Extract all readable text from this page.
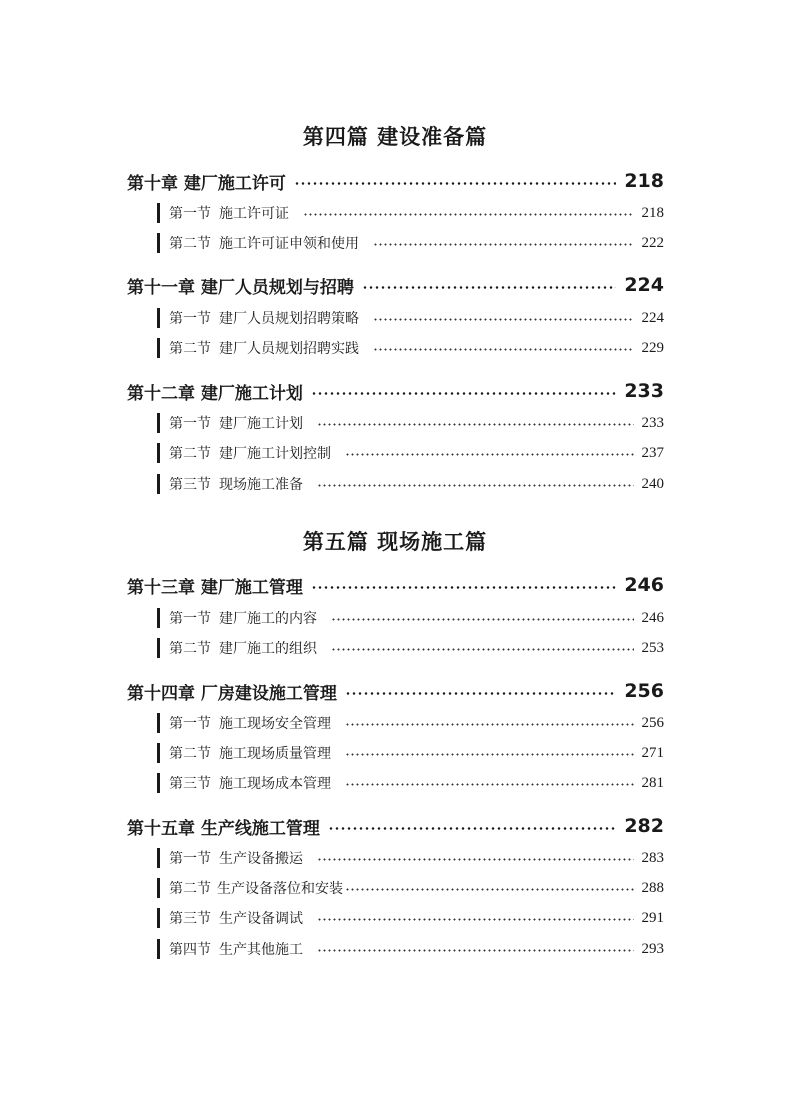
第四篇 建设准备篇
第十章 建厂施工许可	218
第一节 施工许可证	218
第二节 施工许可证申领和使用	222
第十一章 建厂人员规划与招聘	224
第一节 建厂人员规划招聘策略	224
第二节 建厂人员规划招聘实践	229
第十二章 建厂施工计划	233
第一节 建厂施工计划	233
第二节 建厂施工计划控制	237
第三节 现场施工准备	240
第五篇 现场施工篇
第十三章 建厂施工管理	246
第一节 建厂施工的内容	246
第二节 建厂施工的组织	253
第十四章 厂房建设施工管理	256
第一节 施工现场安全管理	256
第二节 施工现场质量管理	271
第三节 施工现场成本管理	281
第十五章 生产线施工管理	282
第一节 生产设备搬运	283
第二节 生产设备落位和安装	288
第三节 生产设备调试	291
第四节 生产其他施工	293
